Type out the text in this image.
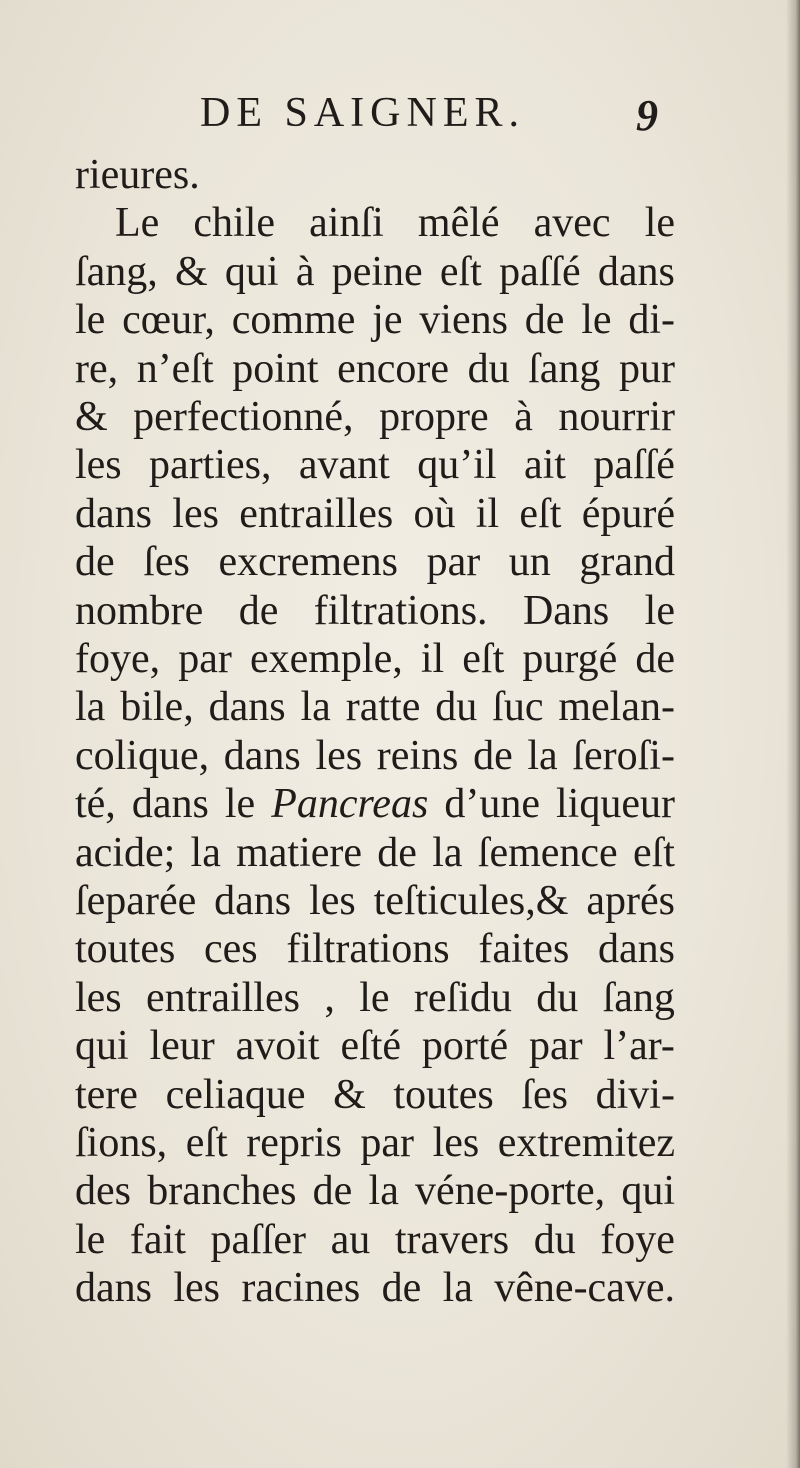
DE SAIGNER.	9
rieures.
Le chile ainſi mêlé avec le
ſang, & qui à peine eſt paſſé dans
le cœur, comme je viens de le di-
re, n’eſt point encore du ſang pur
& perfectionné, propre à nourrir
les parties, avant qu’il ait paſſé
dans les entrailles où il eſt épuré
de ſes excremens par un grand
nombre de filtrations. Dans le
foye, par exemple, il eſt purgé de
la bile, dans la ratte du ſuc melan-
colique, dans les reins de la ſeroſi-
té, dans le Pancreas d’une liqueur
acide; la matiere de la ſemence eſt
ſeparée dans les teſticules,& aprés
toutes ces filtrations faites dans
les entrailles , le reſidu du ſang
qui leur avoit eſté porté par l’ar-
tere celiaque & toutes ſes divi-
ſions, eſt repris par les extremitez
des branches de la véne-porte, qui
le fait paſſer au travers du foye
dans les racines de la vêne-cave.
